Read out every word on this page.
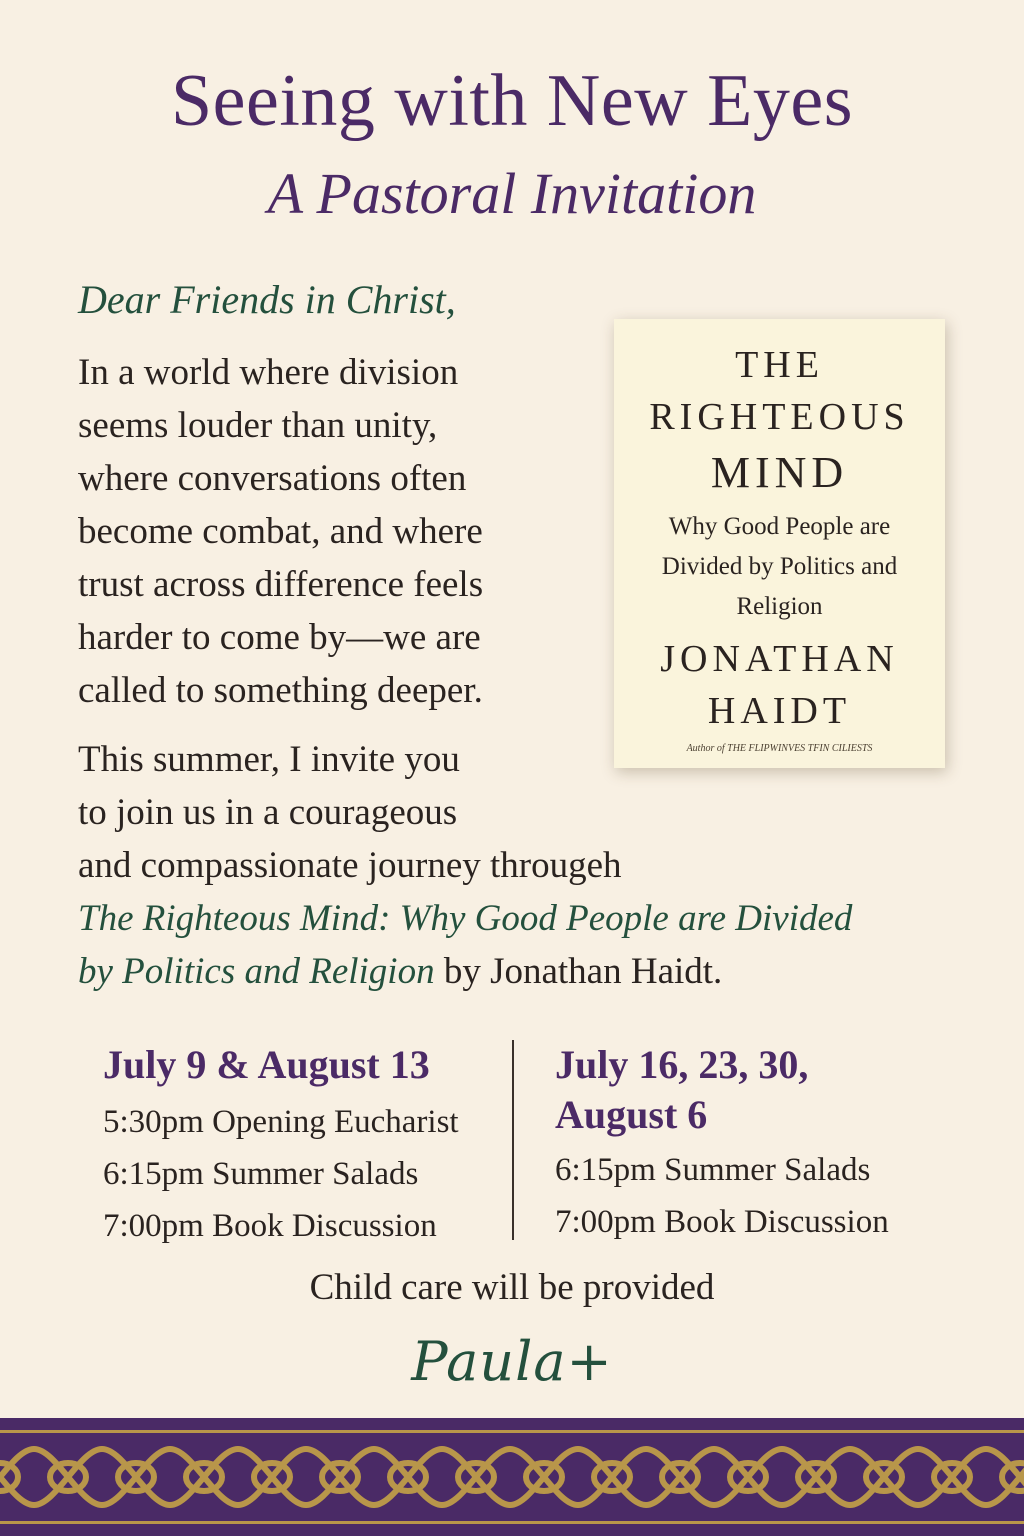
Seeing with New Eyes
A Pastoral Invitation
Dear Friends in Christ,
In a world where division
seems louder than unity,
where conversations often
become combat, and where
trust across difference feels
harder to come by—we are
called to something deeper.
THE
RIGHTEOUS
MIND
Why Good People are Divided by Politics and Religion
JONATHAN
HAIDT
Author of THE FLIPWINVES TFIN CILIESTS
This summer, I invite you
to join us in a courageous
and compassionate journey througeh
The Righteous Mind: Why Good People are Divided
by Politics and Religion by Jonathan Haidt.
July 9 & August 13
5:30pm Opening Eucharist
6:15pm Summer Salads
7:00pm Book Discussion
July 16, 23, 30,
August 6
6:15pm Summer Salads
7:00pm Book Discussion
Child care will be provided
Paula+
